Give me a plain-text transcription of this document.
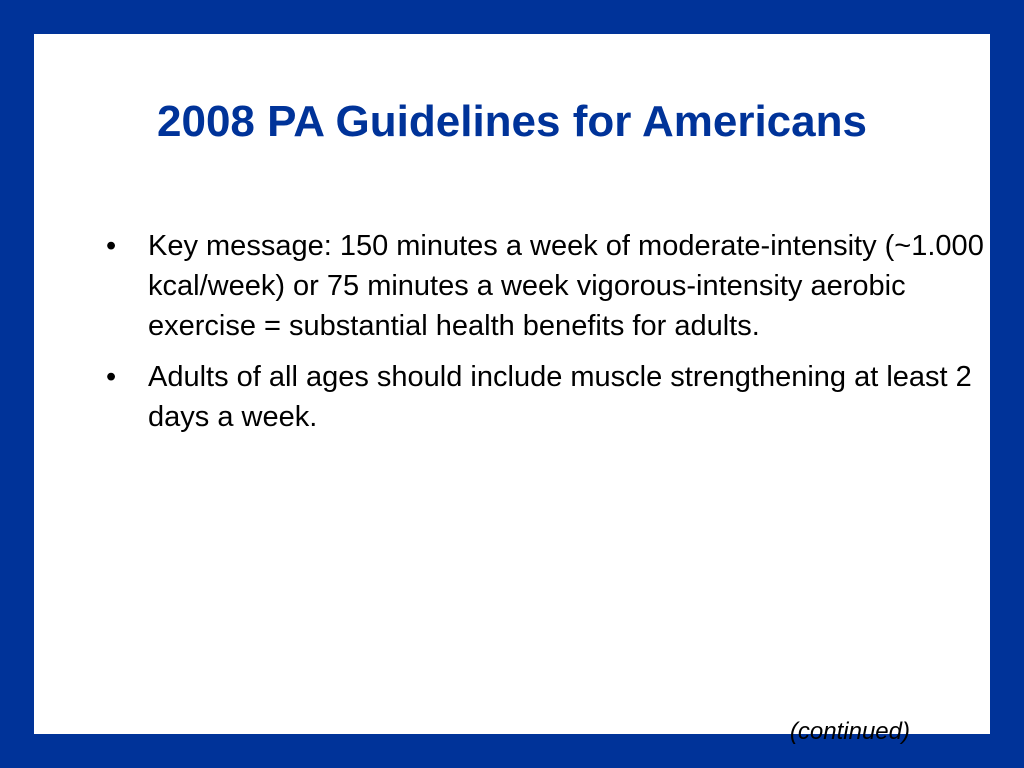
2008 PA Guidelines for Americans
• Key message: 150 minutes a week of moderate-intensity (~1.000 kcal/week) or 75 minutes a week vigorous-intensity aerobic exercise = substantial health benefits for adults.
• Adults of all ages should include muscle strengthening at least 2 days a week.

(continued)
